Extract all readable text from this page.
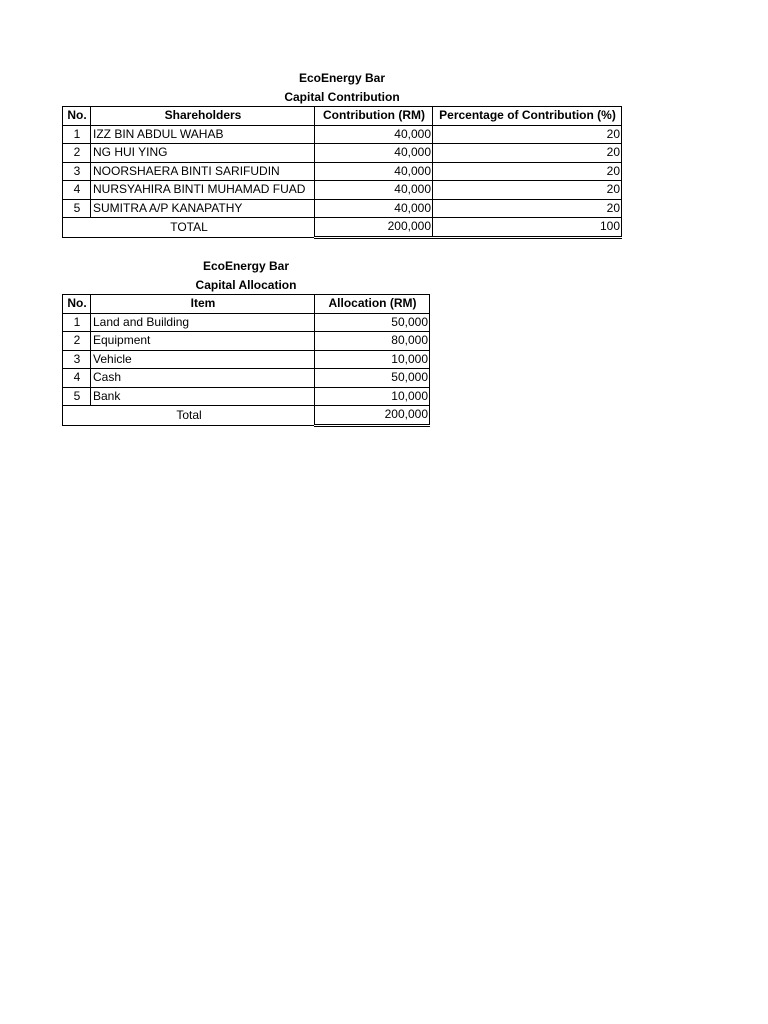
EcoEnergy Bar
Capital Contribution
No.	Shareholders	Contribution (RM)	Percentage of Contribution (%)
1	IZZ BIN ABDUL WAHAB	40,000	20
2	NG HUI YING	40,000	20
3	NOORSHAERA BINTI SARIFUDIN	40,000	20
4	NURSYAHIRA BINTI MUHAMAD FUAD	40,000	20
5	SUMITRA A/P KANAPATHY	40,000	20
TOTAL		200,000	100
EcoEnergy Bar
Capital Allocation
No.	Item	Allocation (RM)
1	Land and Building	50,000
2	Equipment	80,000
3	Vehicle	10,000
4	Cash	50,000
5	Bank	10,000
Total		200,000
